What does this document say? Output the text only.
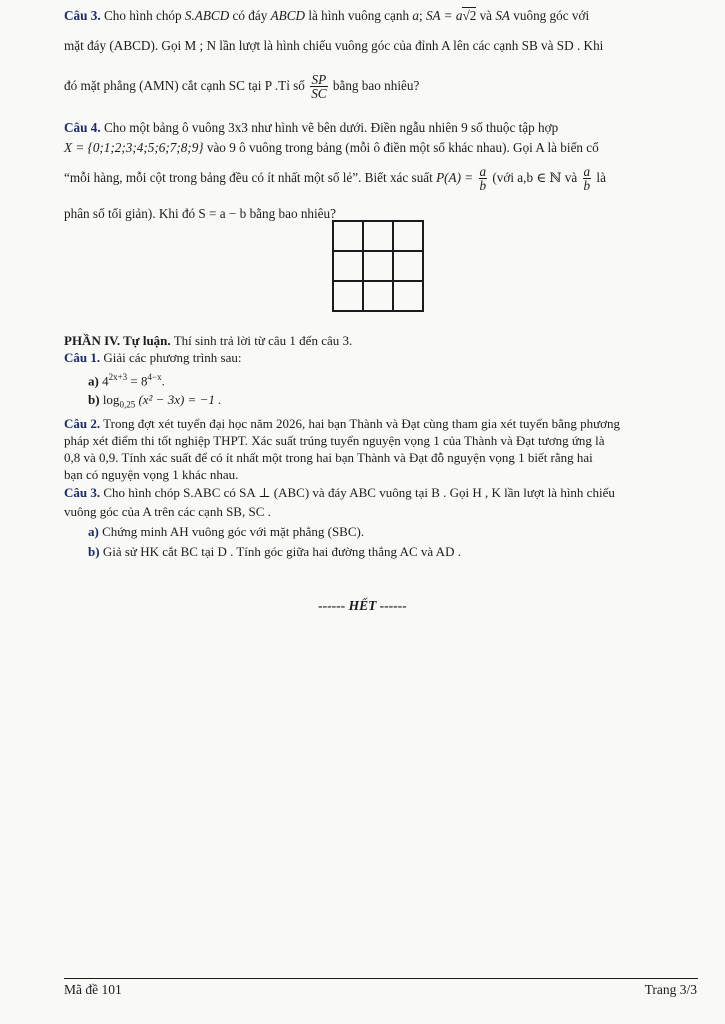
Câu 3. Cho hình chóp S.ABCD có đáy ABCD là hình vuông cạnh a; SA = a√2 và SA vuông góc với
mặt đáy (ABCD). Gọi M ; N lần lượt là hình chiếu vuông góc của đỉnh A lên các cạnh SB và SD . Khi
đó mặt phẳng (AMN) cắt cạnh SC tại P .Tỉ số $\frac{SP}{SC}$ bằng bao nhiêu?
Câu 4. Cho một bảng ô vuông 3x3 như hình vẽ bên dưới. Điền ngẫu nhiên 9 số thuộc tập hợp
X = {0;1;2;3;4;5;6;7;8;9} vào 9 ô vuông trong bảng (mỗi ô điền một số khác nhau). Gọi A là biến cố
“mỗi hàng, mỗi cột trong bảng đều có ít nhất một số lẻ”. Biết xác suất $P(A) = \frac{a}{b}$ (với a,b ∈ ℕ và $\frac{a}{b}$ là
phân số tối giản). Khi đó S = a − b bằng bao nhiêu?
PHẦN IV. Tự luận. Thí sinh trả lời từ câu 1 đến câu 3.
Câu 1. Giải các phương trình sau:
a) $4^{2x+3} = 8^{4-x}$.
b) $\log_{0,25} (x^2 - 3x) = -1$ .
Câu 2. Trong đợt xét tuyển đại học năm 2026, hai bạn Thành và Đạt cùng tham gia xét tuyển bằng phương
pháp xét điểm thi tốt nghiệp THPT. Xác suất trúng tuyển nguyện vọng 1 của Thành và Đạt tương ứng là
0,8 và 0,9. Tính xác suất để có ít nhất một trong hai bạn Thành và Đạt đỗ nguyện vọng 1 biết rằng hai
bạn có nguyện vọng 1 khác nhau.
Câu 3. Cho hình chóp S.ABC có SA ⊥ (ABC) và đáy ABC vuông tại B . Gọi H , K lần lượt là hình chiếu
vuông góc của A trên các cạnh SB, SC .
a) Chứng minh AH vuông góc với mặt phẳng (SBC).
b) Giả sử HK cắt BC tại D . Tính góc giữa hai đường thẳng AC và AD .
------ HẾT ------
Mã đề 101	Trang 3/3
